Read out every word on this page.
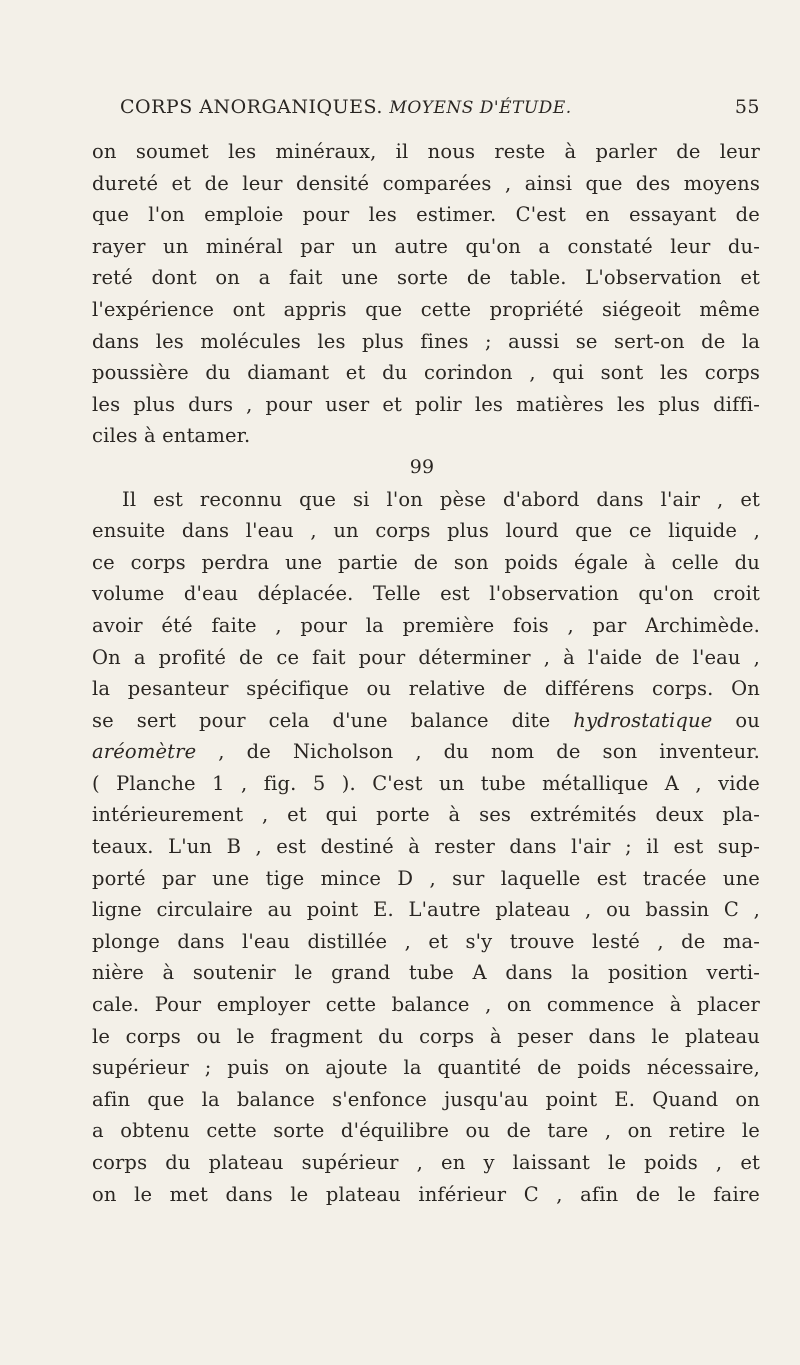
CORPS ANORGANIQUES. MOYENS D'ÉTUDE.	55
on soumet les minéraux, il nous reste à parler de leur
dureté et de leur densité comparées , ainsi que des moyens
que l'on emploie pour les estimer. C'est en essayant de
rayer un minéral par un autre qu'on a constaté leur du-
reté dont on a fait une sorte de table. L'observation et
l'expérience ont appris que cette propriété siégeoit même
dans les molécules les plus fines ; aussi se sert-on de la
poussière du diamant et du corindon , qui sont les corps
les plus durs , pour user et polir les matières les plus diffi-
ciles à entamer.
99
Il est reconnu que si l'on pèse d'abord dans l'air , et
ensuite dans l'eau , un corps plus lourd que ce liquide ,
ce corps perdra une partie de son poids égale à celle du
volume d'eau déplacée. Telle est l'observation qu'on croit
avoir été faite , pour la première fois , par Archimède.
On a profité de ce fait pour déterminer , à l'aide de l'eau ,
la pesanteur spécifique ou relative de différens corps. On
se sert pour cela d'une balance dite hydrostatique ou
aréomètre , de Nicholson , du nom de son inventeur.
( Planche 1 , fig. 5 ). C'est un tube métallique A , vide
intérieurement , et qui porte à ses extrémités deux pla-
teaux. L'un B , est destiné à rester dans l'air ; il est sup-
porté par une tige mince D , sur laquelle est tracée une
ligne circulaire au point E. L'autre plateau , ou bassin C ,
plonge dans l'eau distillée , et s'y trouve lesté , de ma-
nière à soutenir le grand tube A dans la position verti-
cale. Pour employer cette balance , on commence à placer
le corps ou le fragment du corps à peser dans le plateau
supérieur ; puis on ajoute la quantité de poids nécessaire,
afin que la balance s'enfonce jusqu'au point E. Quand on
a obtenu cette sorte d'équilibre ou de tare , on retire le
corps du plateau supérieur , en y laissant le poids , et
on le met dans le plateau inférieur C , afin de le faire
